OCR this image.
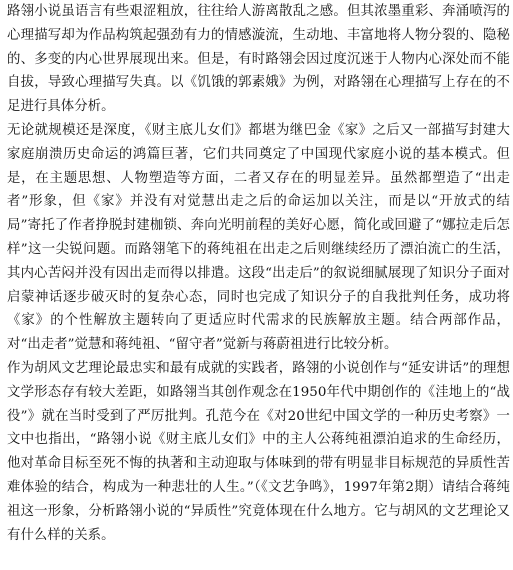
路翎小说虽语言有些艰涩粗放，往往给人游离散乱之感。但其浓墨重彩、奔涌喷泻的心理描写却为作品构筑起强劲有力的情感漩流，生动地、丰富地将人物分裂的、隐秘的、多变的内心世界展现出来。但是，有时路翎会因过度沉迷于人物内心深处而不能自拔，导致心理描写失真。以《饥饿的郭素娥》为例，对路翎在心理描写上存在的不足进行具体分析。

无论就规模还是深度，《财主底儿女们》都堪为继巴金《家》之后又一部描写封建大家庭崩溃历史命运的鸿篇巨著，它们共同奠定了中国现代家庭小说的基本模式。但是，在主题思想、人物塑造等方面，二者又存在的明显差异。虽然都塑造了“出走者”形象，但《家》并没有对觉慧出走之后的命运加以关注，而是以“开放式的结局”寄托了作者挣脱封建枷锁、奔向光明前程的美好心愿，简化或回避了“娜拉走后怎样”这一尖锐问题。而路翎笔下的蒋纯祖在出走之后则继续经历了漂泊流亡的生活，其内心苦闷并没有因出走而得以排遣。这段“出走后”的叙说细腻展现了知识分子面对启蒙神话逐步破灭时的复杂心态，同时也完成了知识分子的自我批判任务，成功将《家》的个性解放主题转向了更适应时代需求的民族解放主题。结合两部作品，对“出走者”觉慧和蒋纯祖、“留守者”觉新与蒋蔚祖进行比较分析。

作为胡风文艺理论最忠实和最有成就的实践者，路翎的小说创作与“延安讲话”的理想文学形态存有较大差距，如路翎当其创作观念在1950年代中期创作的《洼地上的“战役”》就在当时受到了严厉批判。孔范今在《对20世纪中国文学的一种历史考察》一文中也指出，“路翎小说《财主底儿女们》中的主人公蒋纯祖漂泊追求的生命经历，他对革命目标至死不悔的执著和主动迎取与体味到的带有明显非目标规范的异质性苦难体验的结合，构成为一种悲壮的人生。”（《文艺争鸣》，1997年第2期）请结合蒋纯祖这一形象，分析路翎小说的“异质性”究竟体现在什么地方。它与胡风的文艺理论又有什么样的关系。
